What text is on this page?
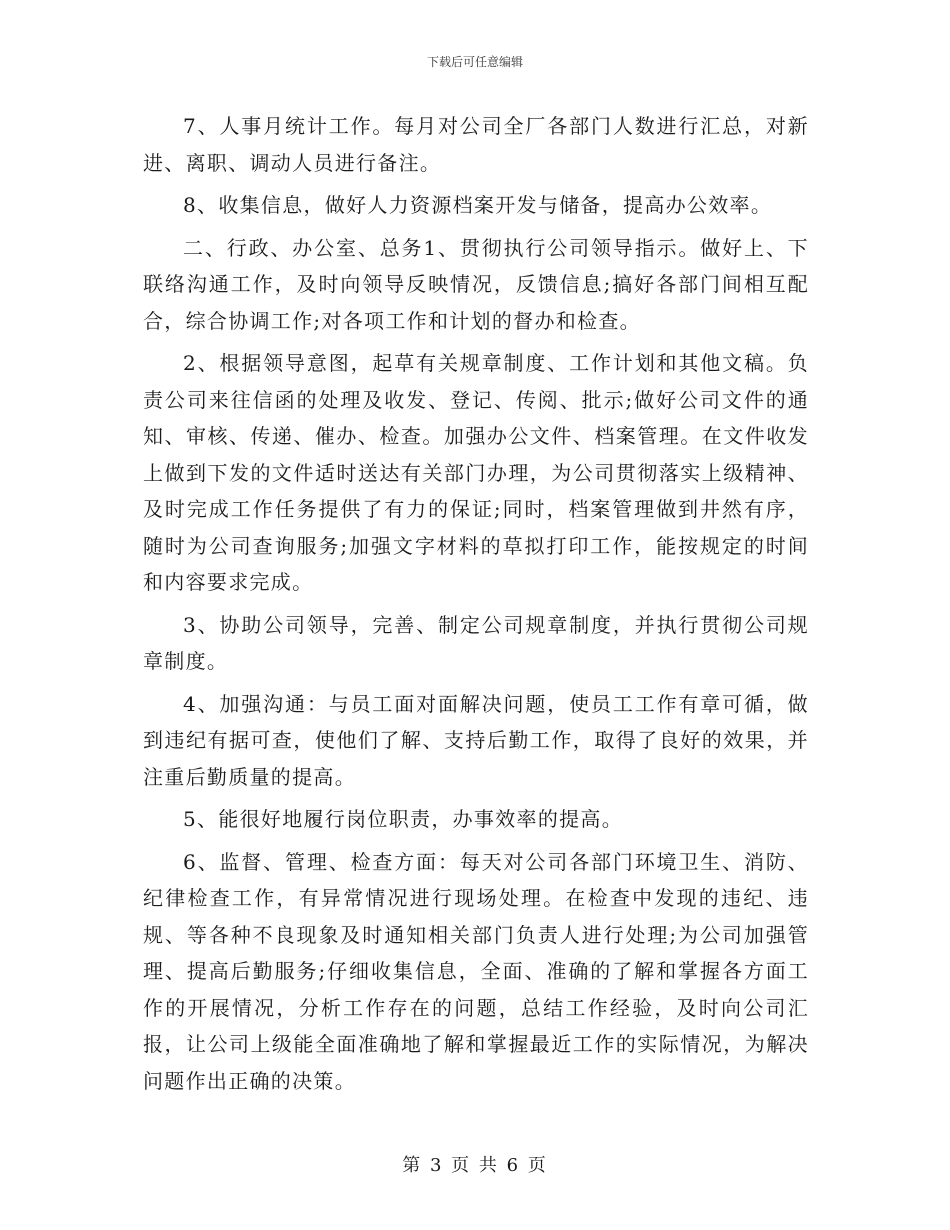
下载后可任意编辑

7、人事月统计工作。每月对公司全厂各部门人数进行汇总，对新进、离职、调动人员进行备注。

8、收集信息，做好人力资源档案开发与储备，提高办公效率。

二、行政、办公室、总务1、贯彻执行公司领导指示。做好上、下联络沟通工作，及时向领导反映情况，反馈信息;搞好各部门间相互配合，综合协调工作;对各项工作和计划的督办和检查。

2、根据领导意图，起草有关规章制度、工作计划和其他文稿。负责公司来往信函的处理及收发、登记、传阅、批示;做好公司文件的通知、审核、传递、催办、检查。加强办公文件、档案管理。在文件收发上做到下发的文件适时送达有关部门办理，为公司贯彻落实上级精神、及时完成工作任务提供了有力的保证;同时，档案管理做到井然有序，随时为公司查询服务;加强文字材料的草拟打印工作，能按规定的时间和内容要求完成。

3、协助公司领导，完善、制定公司规章制度，并执行贯彻公司规章制度。

4、加强沟通：与员工面对面解决问题，使员工工作有章可循，做到违纪有据可查，使他们了解、支持后勤工作，取得了良好的效果，并注重后勤质量的提高。

5、能很好地履行岗位职责，办事效率的提高。

6、监督、管理、检查方面：每天对公司各部门环境卫生、消防、纪律检查工作，有异常情况进行现场处理。在检查中发现的违纪、违规、等各种不良现象及时通知相关部门负责人进行处理;为公司加强管理、提高后勤服务;仔细收集信息，全面、准确的了解和掌握各方面工作的开展情况，分析工作存在的问题，总结工作经验，及时向公司汇报，让公司上级能全面准确地了解和掌握最近工作的实际情况，为解决问题作出正确的决策。

第 3 页 共 6 页
